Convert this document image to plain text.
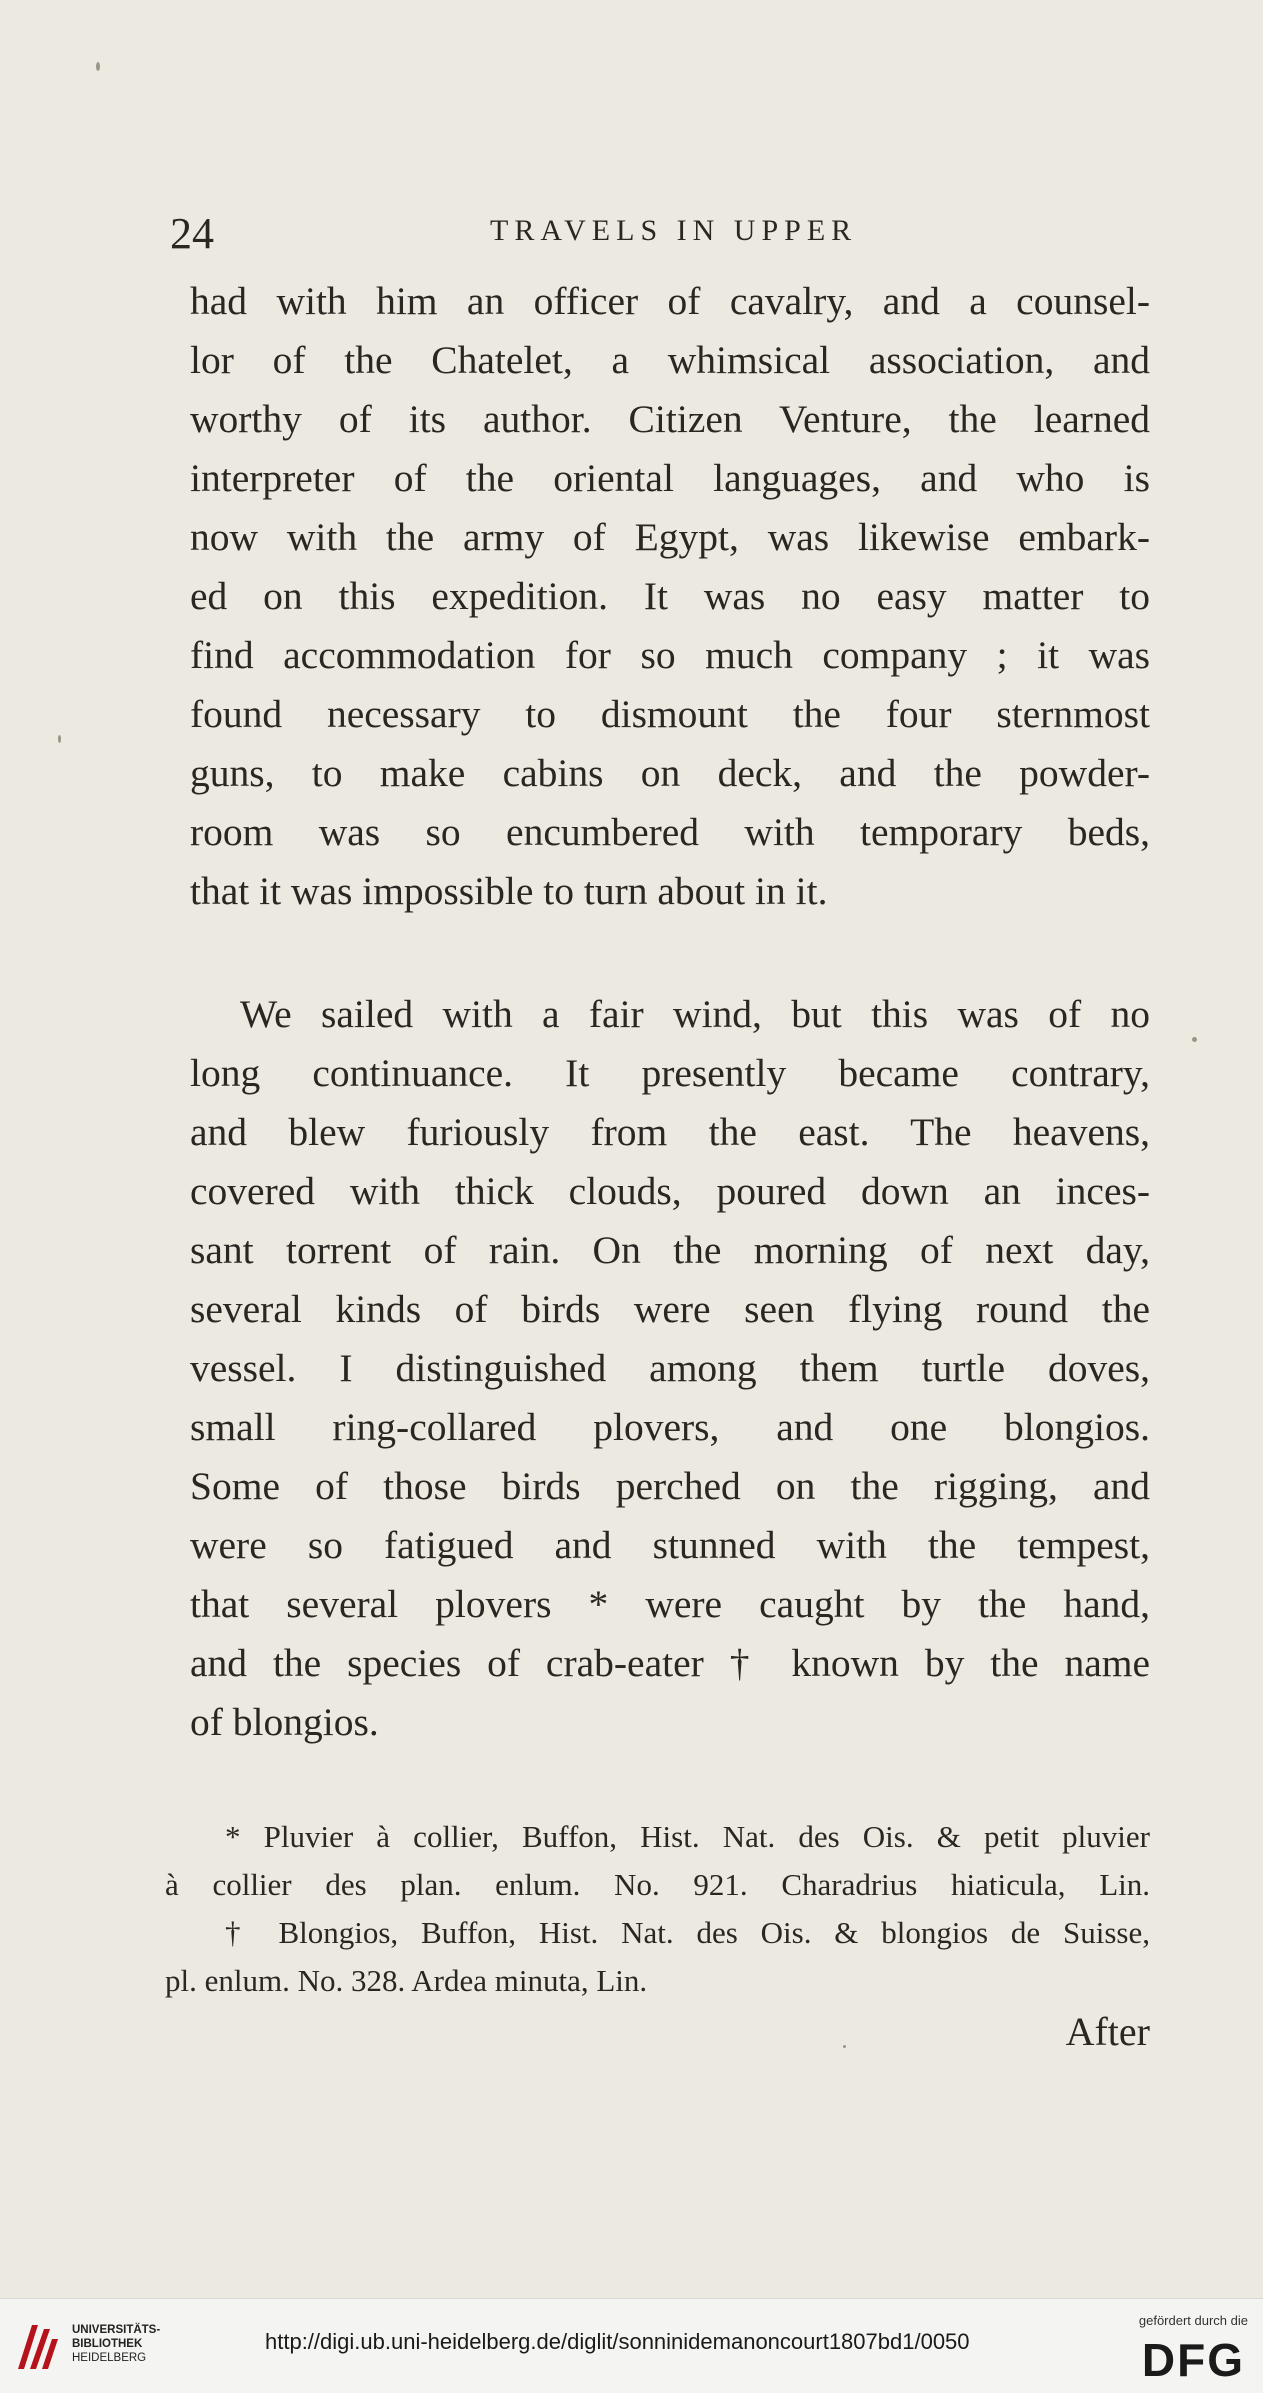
24	TRAVELS IN UPPER

had with him an officer of cavalry, and a counsel-
lor of the Chatelet, a whimsical association, and
worthy of its author. Citizen Venture, the learned
interpreter of the oriental languages, and who is
now with the army of Egypt, was likewise embark-
ed on this expedition. It was no easy matter to
find accommodation for so much company ; it was
found necessary to dismount the four sternmost
guns, to make cabins on deck, and the powder-
room was so encumbered with temporary beds,
that it was impossible to turn about in it.

We sailed with a fair wind, but this was of no
long continuance. It presently became contrary,
and blew furiously from the east. The heavens,
covered with thick clouds, poured down an inces-
sant torrent of rain. On the morning of next day,
several kinds of birds were seen flying round the
vessel. I distinguished among them turtle doves,
small ring-collared plovers, and one blongios.
Some of those birds perched on the rigging, and
were so fatigued and stunned with the tempest,
that several plovers * were caught by the hand,
and the species of crab-eater † known by the name
of blongios.

* Pluvier à collier, Buffon, Hist. Nat. des Ois. & petit pluvier
à collier des plan. enlum. No. 921. Charadrius hiaticula, Lin.
† Blongios, Buffon, Hist. Nat. des Ois. & blongios de Suisse,
pl. enlum. No. 328. Ardea minuta, Lin.
After
UNIVERSITÄTS-
BIBLIOTHEK
HEIDELBERG
http://digi.ub.uni-heidelberg.de/diglit/sonninidemanoncourt1807bd1/0050
gefördert durch die
DFG
